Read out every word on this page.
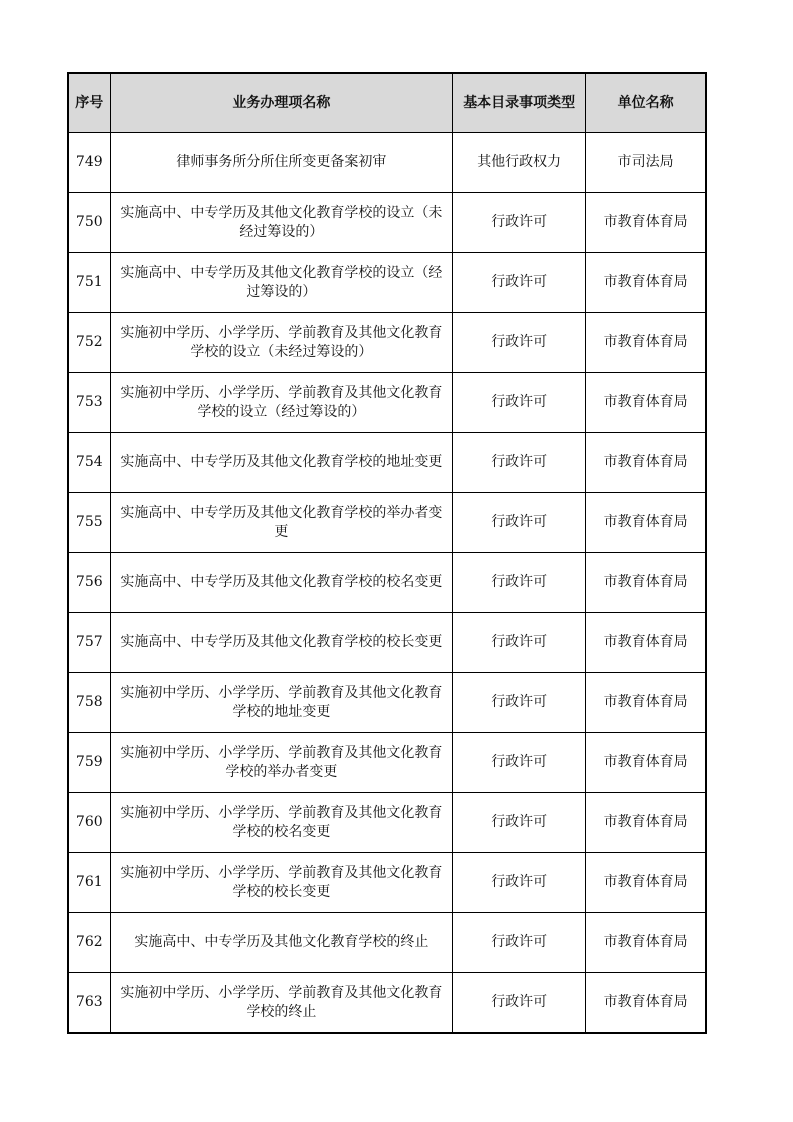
序号	业务办理项名称	基本目录事项类型	单位名称
749	律师事务所分所住所变更备案初审	其他行政权力	市司法局
750	实施高中、中专学历及其他文化教育学校的设立（未经过筹设的）	行政许可	市教育体育局
751	实施高中、中专学历及其他文化教育学校的设立（经过筹设的）	行政许可	市教育体育局
752	实施初中学历、小学学历、学前教育及其他文化教育学校的设立（未经过筹设的）	行政许可	市教育体育局
753	实施初中学历、小学学历、学前教育及其他文化教育学校的设立（经过筹设的）	行政许可	市教育体育局
754	实施高中、中专学历及其他文化教育学校的地址变更	行政许可	市教育体育局
755	实施高中、中专学历及其他文化教育学校的举办者变更	行政许可	市教育体育局
756	实施高中、中专学历及其他文化教育学校的校名变更	行政许可	市教育体育局
757	实施高中、中专学历及其他文化教育学校的校长变更	行政许可	市教育体育局
758	实施初中学历、小学学历、学前教育及其他文化教育学校的地址变更	行政许可	市教育体育局
759	实施初中学历、小学学历、学前教育及其他文化教育学校的举办者变更	行政许可	市教育体育局
760	实施初中学历、小学学历、学前教育及其他文化教育学校的校名变更	行政许可	市教育体育局
761	实施初中学历、小学学历、学前教育及其他文化教育学校的校长变更	行政许可	市教育体育局
762	实施高中、中专学历及其他文化教育学校的终止	行政许可	市教育体育局
763	实施初中学历、小学学历、学前教育及其他文化教育学校的终止	行政许可	市教育体育局
